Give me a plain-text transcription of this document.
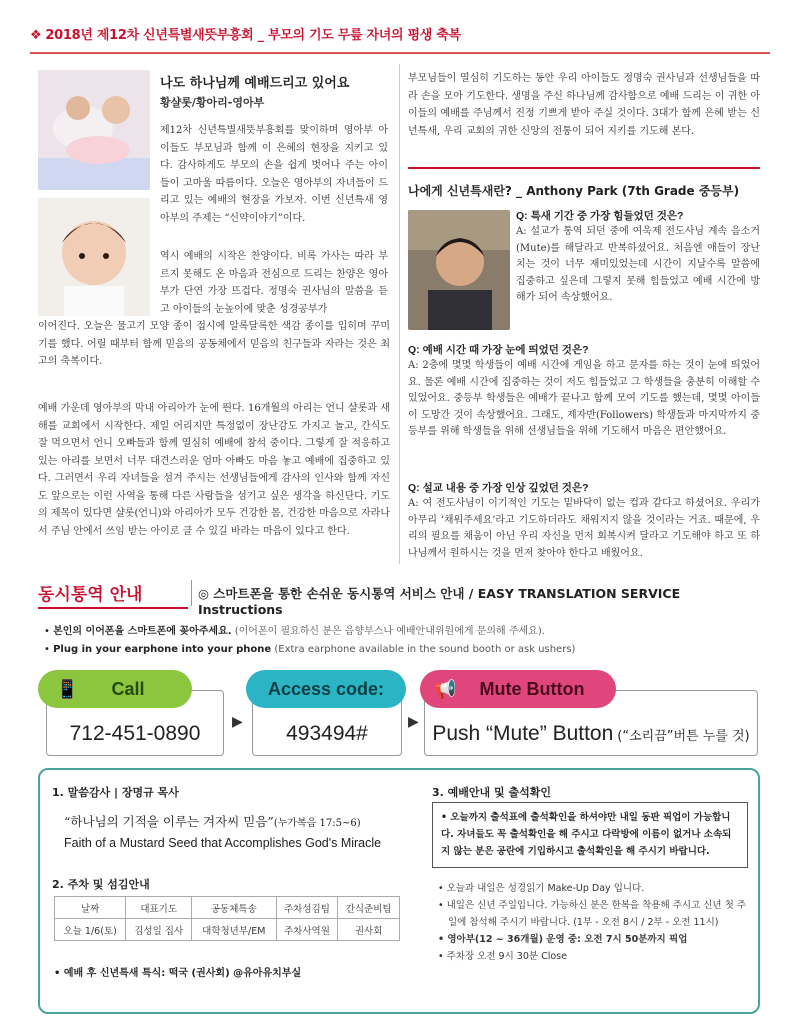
❖ 2018년 제12차 신년특별새뜻부흥회 _ 부모의 기도 무릎 자녀의 평생 축복
나도 하나님께 예배드리고 있어요
황샬롯/황아리-영아부
제12차 신년특별새뜻부흥회를 맞이하며 영아부 아이들도 부모님과 함께 이 은혜의 현장을 지키고 있다. 감사하게도 부모의 손을 쉽게 벗어나 주는 아이들이 고마울 따름이다. 오늘은 영아부의 자녀들이 드리고 있는 예배의 현장을 가보자. 이번 신년특새 영아부의 주제는 “신약이야기”이다.
역시 예배의 시작은 찬양이다. 비록 가사는 따라 부르지 못해도 온 마음과 전심으로 드리는 찬양은 영아부가 단연 가장 뜨겁다. 정명숙 권사님의 말씀을 듣고 아이들의 눈높이에 맞춘 성경공부가
이어진다. 오늘은 물고기 모양 종이 접시에 알록달록한 색감 종이를 입히며 꾸미기를 했다. 어릴 때부터 함께 믿음의 공동체에서 믿음의 친구들과 자라는 것은 최고의 축복이다.
예배 가운데 영아부의 막내 아리아가 눈에 띈다. 16개월의 아리는 언니 샬롯과 새해를 교회에서 시작한다. 제일 어리지만 특정없이 장난감도 가지고 놀고, 간식도 잘 먹으면서 언니 오빠들과 함께 열심히 예배에 참석 중이다. 그렇게 잘 적응하고 있는 아리를 보면서 너무 대견스러운 엄마 아빠도 마음 놓고 예배에 집중하고 있다. 그러면서 우리 자녀들을 섬겨 주시는 선생님들에게 감사의 인사와 함께 자신도 앞으로는 이런 사역을 통해 다른 사람들을 섬기고 싶은 생각을 하신단다. 기도의 제목이 있다면 샬롯(언니)와 아리아가 모두 건강한 몸, 건강한 마음으로 자라나서 주님 안에서 쓰임 받는 아이로 클 수 있길 바라는 마음이 있다고 한다.
부모님들이 열심히 기도하는 동안 우리 아이들도 정명숙 권사님과 선생님들을 따라 손을 모아 기도한다. 생명을 주신 하나님께 감사함으로 예배 드리는 이 귀한 아이들의 예배를 주님께서 진정 기쁘게 받아 주실 것이다. 3대가 함께 은혜 받는 신년특새, 우리 교회의 귀한 신앙의 전통이 되어 지키를 기도해 본다.
나에게 신년특새란? _ Anthony Park (7th Grade 중등부)
Q: 특새 기간 중 가장 힘들었던 것은?
A: 설교가 통역 되던 중에 여욱제 전도사님 계속 음소거(Mute)를 해달라고 반복하셨어요. 처음엔 애들이 장난치는 것이 너무 재미있었는데 시간이 지날수록 말씀에 집중하고 싶은데 그렇지 못해 힘들었고 예배 시간에 방해가 되어 속상했어요.
Q: 예배 시간 때 가장 눈에 띄었던 것은?
A: 2층에 몇몇 학생들이 예배 시간에 게임을 하고 문자를 하는 것이 눈에 띄었어요. 물론 예배 시간에 집중하는 것이 저도 힘들었고 그 학생들을 충분히 이해할 수 있었어요. 중등부 학생들은 예배가 끝나고 함께 모여 기도를 했는데, 몇몇 아이들이 도망간 것이 속상했어요. 그래도, 제자반(Followers) 학생들과 마지막까지 중등부를 위해 학생들을 위해 선생님들을 위해 기도해서 마음은 편안했어요.
Q: 설교 내용 중 가장 인상 깊었던 것은?
A: 여 전도사님이 이기적인 기도는 밑바닥이 없는 컵과 같다고 하셨어요. 우리가 아무리 ‘채워주세요’라고 기도하더라도 채워지지 않을 것이라는 거죠. 때문에, 우리의 필요를 채움이 아닌 우리 자신을 먼저 회복시켜 달라고 기도해야 하고 또 하나님께서 원하시는 것을 먼저 찾아야 한다고 배웠어요.
동시통역 안내	◎ 스마트폰을 통한 손쉬운 동시통역 서비스 안내 / EASY TRANSLATION SERVICE Instructions
• 본인의 이어폰을 스마트폰에 꽂아주세요. (이어폰이 필요하신 분은 음향부스나 예배안내위원에게 문의해 주세요).
• Plug in your earphone into your phone (Extra earphone available in the sound booth or ask ushers)
712-451-0890
📱 Call
▶ 493494#
Access code:
▶ Push “Mute” Button (“소리끔”버튼 누를 것)
📢 Mute Button
1. 말씀감사 | 장명규 목사
“하나님의 기적을 이루는 겨자씨 믿음”(누가복음 17:5~6)
Faith of a Mustard Seed that Accomplishes God's Miracle
2. 주차 및 섬김안내
날짜	대표기도	공동체특송	주차섬김팀	간식준비팀
오늘 1/6(토)	김성일 집사	대학청년부/EM	주차사역원	권사회
• 예배 후 신년특새 특식: 떡국 (권사회) @유아유치부실
3. 예배안내 및 출석확인
• 오늘까지 출석표에 출석확인을 하셔야만 내일 동판 픽업이 가능합니다. 자녀들도 꼭 출석확인을 해 주시고 다락방에 이름이 없거나 소속되지 않는 분은 공란에 기입하시고 출석확인을 해 주시기 바랍니다.
• 오늘과 내일은 성경읽기 Make-Up Day 입니다.
• 내일은 신년 주일입니다. 가능하신 분은 한복을 착용해 주시고 신년 첫 주일에 참석해 주시기 바랍니다. (1부 - 오전 8시 / 2부 - 오전 11시)
• 영아부(12 ~ 36개월) 운영 중: 오전 7시 50분까지 픽업
• 주차장 오전 9시 30분 Close
